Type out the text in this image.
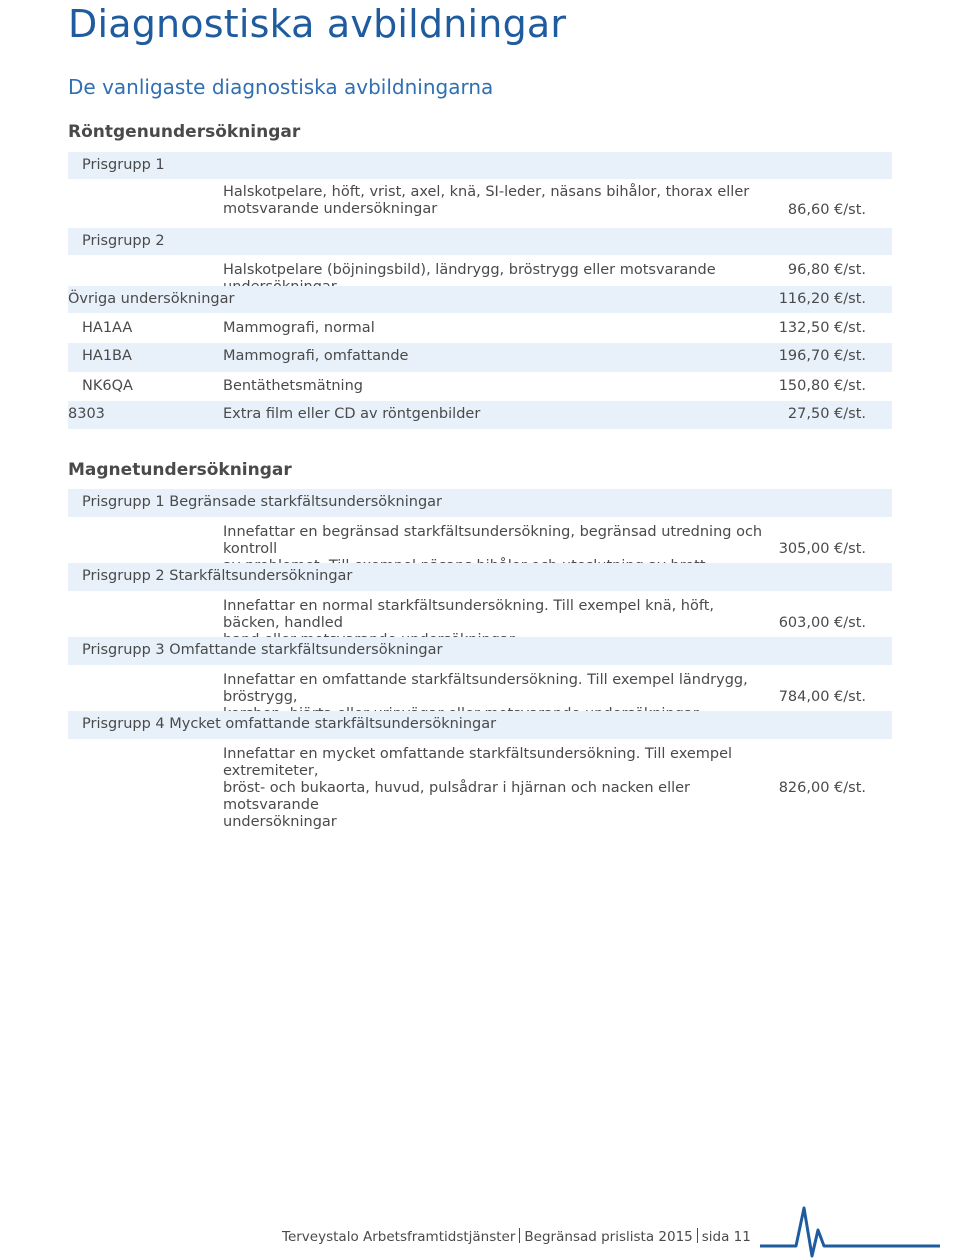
Diagnostiska avbildningar
De vanligaste diagnostiska avbildningarna
Röntgenundersökningar
Prisgrupp 1
Halskotpelare, höft, vrist, axel, knä, SI-leder, näsans bihålor, thorax eller
motsvarande undersökningar	86,60 €/st.
Prisgrupp 2
Halskotpelare (böjningsbild), ländrygg, bröstrygg eller motsvarande	96,80 €/st.
Övriga undersökningar	116,20 €/st.
HA1AA	Mammografi, normal	132,50 €/st.
HA1BA	Mammografi, omfattande	196,70 €/st.
NK6QA	Bentäthetsmätning	150,80 €/st.
8303	Extra film eller CD av röntgenbilder	27,50 €/st.
Magnetundersökningar
Prisgrupp 1 Begränsade starkfältsundersökningar
Innefattar en begränsad starkfältsundersökning, begränsad utredning och kontroll	305,00 €/st.
Prisgrupp 2 Starkfältsundersökningar
Innefattar en normal starkfältsundersökning. Till exempel knä, höft, bäcken, handled	603,00 €/st.
Prisgrupp 3 Omfattande starkfältsundersökningar
Innefattar en omfattande starkfältsundersökning. Till exempel ländrygg, bröstrygg,	784,00 €/st.
Prisgrupp 4 Mycket omfattande starkfältsundersökningar
Innefattar en mycket omfattande starkfältsundersökning. Till exempel extremiteter,
bröst- och bukaorta, huvud, pulsådrar i hjärnan och nacken eller motsvarande
undersökningar
826,00 €/st.
Terveystalo Arbetsframtidstjänster Begränsad prislista 2015 sida 11
